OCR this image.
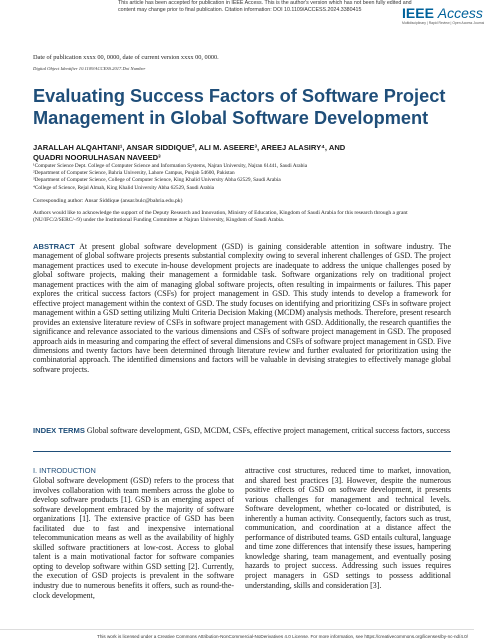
This article has been accepted for publication in IEEE Access. This is the author's version which has not been fully edited and
content may change prior to final publication. Citation information: DOI 10.1109/ACCESS.2024.3380415	IEEE Access
Multidisciplinary | Rapid Review | Open Access Journal
Date of publication xxxx 00, 0000, date of current version xxxx 00, 0000.
Digital Object Identifier 10.1109/ACCESS.2017.Doi Number
Evaluating Success Factors of Software Project Management in Global Software Development
JARALLAH ALQAHTANI¹, ANSAR SIDDIQUE², ALI M. ASEERE³, AREEJ ALASIRY⁴, AND
QUADRI NOORULHASAN NAVEED³
¹Computer Science Dept. College of Computer Science and Information Systems, Najran University, Najran 61441, Saudi Arabia
²Department of Computer Science, Bahria University, Lahore Campus, Punjab 54600, Pakistan
³Department of Computer Science, College of Computer Science, King Khalid University Abha 62529, Saudi Arabia
⁴College of Science, Rejal Almah, King Khalid University Abha 62529, Saudi Arabia
Corresponding author: Ansar Siddique (ansar.bulc@bahria.edu.pk)
Authors would like to acknowledge the support of the Deputy Research and Innovation, Ministry of Education, Kingdom of Saudi Arabia for this research through a grant (NU/IFC/2/SERC/-/9) under the Institutional Funding Committee at Najran University, Kingdom of Saudi Arabia.
ABSTRACT At present global software development (GSD) is gaining considerable attention in software industry. The management of global software projects presents substantial complexity owing to several inherent challenges of GSD. The project management practices used to execute in-house development projects are inadequate to address the unique challenges posed by global software projects, making their management a formidable task. Software organizations rely on traditional project management practices with the aim of managing global software projects, often resulting in impairments or failures. This paper explores the critical success factors (CSFs) for project management in GSD. This study intends to develop a framework for effective project management within the context of GSD. The study focuses on identifying and prioritizing CSFs in software project management within a GSD setting utilizing Multi Criteria Decision Making (MCDM) analysis methods. Therefore, present research provides an extensive literature review of CSFs in software project management with GSD. Additionally, the research quantifies the significance and relevance associated to the various dimensions and CSFs of software project management in GSD. The proposed approach aids in measuring and comparing the effect of several dimensions and CSFs of software project management in GSD. Five dimensions and twenty factors have been determined through literature review and further evaluated for prioritization using the combinatorial approach. The identified dimensions and factors will be valuable in devising strategies to effectively manage global software projects.
INDEX TERMS Global software development, GSD, MCDM, CSFs, effective project management, critical success factors, success
I. INTRODUCTION

Global software development (GSD) refers to the process that involves collaboration with team members across the globe to develop software products [1]. GSD is an emerging aspect of software development embraced by the majority of software organizations [1]. The extensive practice of GSD has been facilitated due to fast and inexpensive international telecommunication means as well as the availability of highly skilled software practitioners at low-cost. Access to global talent is a main motivational factor for software companies opting to develop software within GSD setting [2]. Currently, the execution of GSD projects is prevalent in the software industry due to numerous benefits it offers, such as round-the-clock development,

attractive cost structures, reduced time to market, innovation, and shared best practices [3]. However, despite the numerous positive effects of GSD on software development, it presents various challenges for management and technical levels. Software development, whether co-located or distributed, is inherently a human activity. Consequently, factors such as trust, communication, and coordination at a distance affect the performance of distributed teams. GSD entails cultural, language and time zone differences that intensify these issues, hampering knowledge sharing, team management, and eventually posing hazards to project success. Addressing such issues requires project managers in GSD settings to possess additional understanding, skills and consideration [3].

This work is licensed under a Creative Commons Attribution-NonCommercial-NoDerivatives 4.0 License. For more information, see https://creativecommons.org/licenses/by-nc-nd/4.0/
